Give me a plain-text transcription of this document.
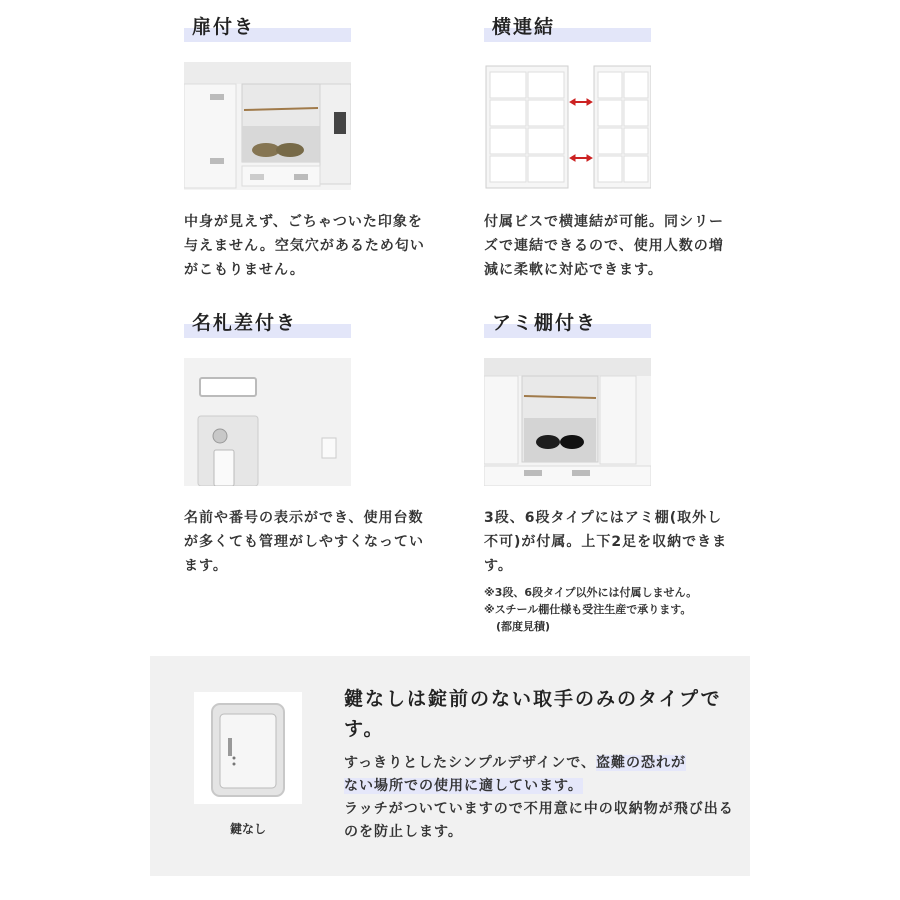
扉付き
中身が見えず、ごちゃついた印象を与えません。空気穴があるため匂いがこもりません。
横連結
付属ビスで横連結が可能。同シリーズで連結できるので、使用人数の増減に柔軟に対応できます。
名札差付き
名前や番号の表示ができ、使用台数が多くても管理がしやすくなっています。
アミ棚付き
3段、6段タイプにはアミ棚(取外し不可)が付属。上下2足を収納できます。
※3段、6段タイプ以外には付属しません。
※スチール棚仕様も受注生産で承ります。
(都度見積)
鍵なし
鍵なしは錠前のない取手のみのタイプです。
すっきりとしたシンプルデザインで、盗難の恐れが
ない場所での使用に適しています。
ラッチがついていますので不用意に中の収納物が飛び出るのを防止します。
